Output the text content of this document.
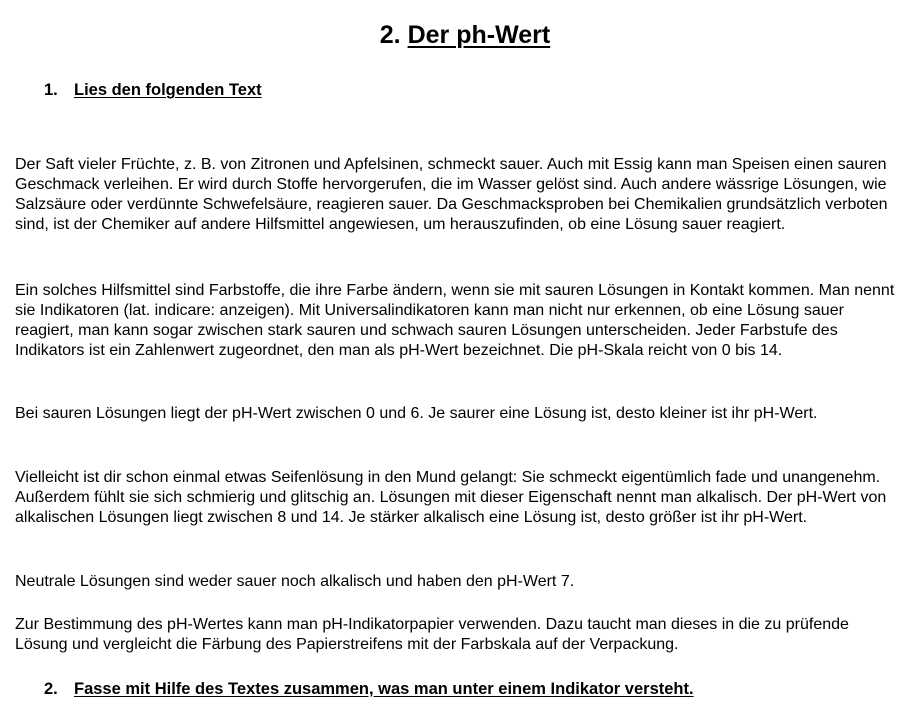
2. Der ph-Wert
1. Lies den folgenden Text

Der Saft vieler Früchte, z. B. von Zitronen und Apfelsinen, schmeckt sauer. Auch mit Essig kann man Speisen einen sauren Geschmack verleihen. Er wird durch Stoffe hervorgerufen, die im Wasser gelöst sind. Auch andere wässrige Lösungen, wie Salzsäure oder verdünnte Schwefelsäure, reagieren sauer. Da Geschmacksproben bei Chemikalien grundsätzlich verboten sind, ist der Chemiker auf andere Hilfsmittel angewiesen, um herauszufinden, ob eine Lösung sauer reagiert.

Ein solches Hilfsmittel sind Farbstoffe, die ihre Farbe ändern, wenn sie mit sauren Lösungen in Kontakt kommen. Man nennt sie Indikatoren (lat. indicare: anzeigen). Mit Universalindikatoren kann man nicht nur erkennen, ob eine Lösung sauer reagiert, man kann sogar zwischen stark sauren und schwach sauren Lösungen unterscheiden. Jeder Farbstufe des Indikators ist ein Zahlenwert zugeordnet, den man als pH-Wert bezeichnet. Die pH-Skala reicht von 0 bis 14.

Bei sauren Lösungen liegt der pH-Wert zwischen 0 und 6. Je saurer eine Lösung ist, desto kleiner ist ihr pH-Wert.

Vielleicht ist dir schon einmal etwas Seifenlösung in den Mund gelangt: Sie schmeckt eigentümlich fade und unangenehm. Außerdem fühlt sie sich schmierig und glitschig an. Lösungen mit dieser Eigenschaft nennt man alkalisch. Der pH-Wert von alkalischen Lösungen liegt zwischen 8 und 14. Je stärker alkalisch eine Lösung ist, desto größer ist ihr pH-Wert.

Neutrale Lösungen sind weder sauer noch alkalisch und haben den pH-Wert 7.

Zur Bestimmung des pH-Wertes kann man pH-Indikatorpapier verwenden. Dazu taucht man dieses in die zu prüfende Lösung und vergleicht die Färbung des Papierstreifens mit der Farbskala auf der Verpackung.

2. Fasse mit Hilfe des Textes zusammen, was man unter einem Indikator versteht.
